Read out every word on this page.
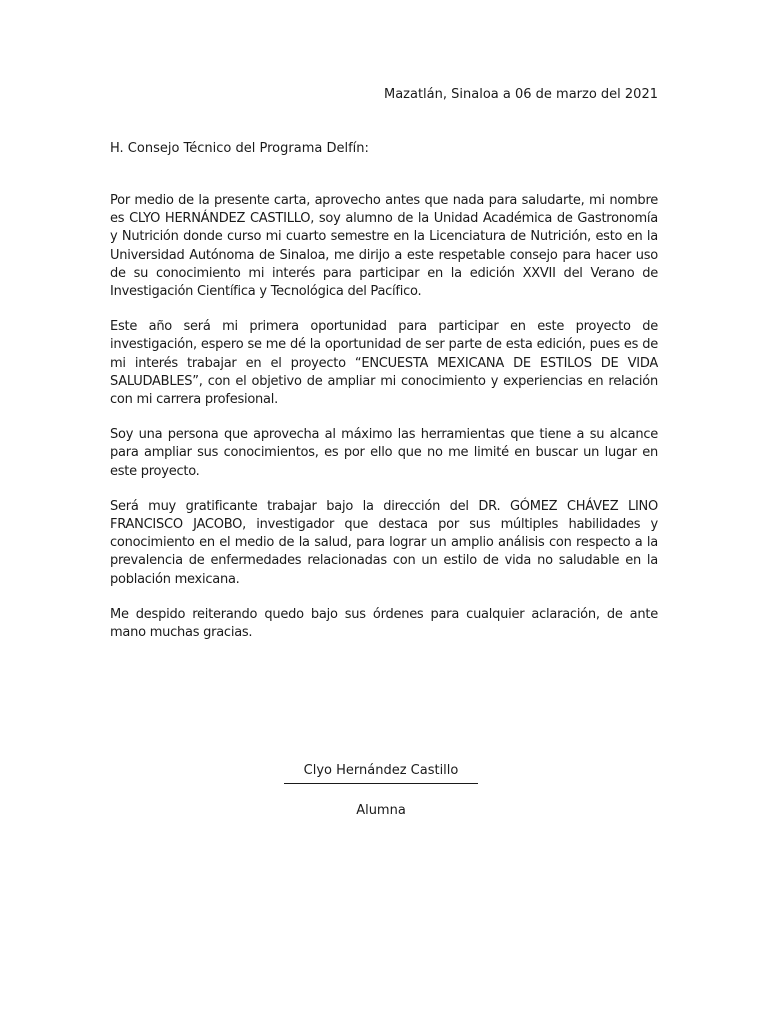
Mazatlán, Sinaloa a 06 de marzo del 2021
H. Consejo Técnico del Programa Delfín:

Por medio de la presente carta, aprovecho antes que nada para saludarte, mi nombre es CLYO HERNÁNDEZ CASTILLO, soy alumno de la Unidad Académica de Gastronomía y Nutrición donde curso mi cuarto semestre en la Licenciatura de Nutrición, esto en la Universidad Autónoma de Sinaloa, me dirijo a este respetable consejo para hacer uso de su conocimiento mi interés para participar en la edición XXVII del Verano de Investigación Científica y Tecnológica del Pacífico.

Este año será mi primera oportunidad para participar en este proyecto de investigación, espero se me dé la oportunidad de ser parte de esta edición, pues es de mi interés trabajar en el proyecto “ENCUESTA MEXICANA DE ESTILOS DE VIDA SALUDABLES”, con el objetivo de ampliar mi conocimiento y experiencias en relación con mi carrera profesional.

Soy una persona que aprovecha al máximo las herramientas que tiene a su alcance para ampliar sus conocimientos, es por ello que no me limité en buscar un lugar en este proyecto.

Será muy gratificante trabajar bajo la dirección del DR. GÓMEZ CHÁVEZ LINO FRANCISCO JACOBO, investigador que destaca por sus múltiples habilidades y conocimiento en el medio de la salud, para lograr un amplio análisis con respecto a la prevalencia de enfermedades relacionadas con un estilo de vida no saludable en la población mexicana.

Me despido reiterando quedo bajo sus órdenes para cualquier aclaración, de ante mano muchas gracias.

Clyo Hernández Castillo
Alumna
